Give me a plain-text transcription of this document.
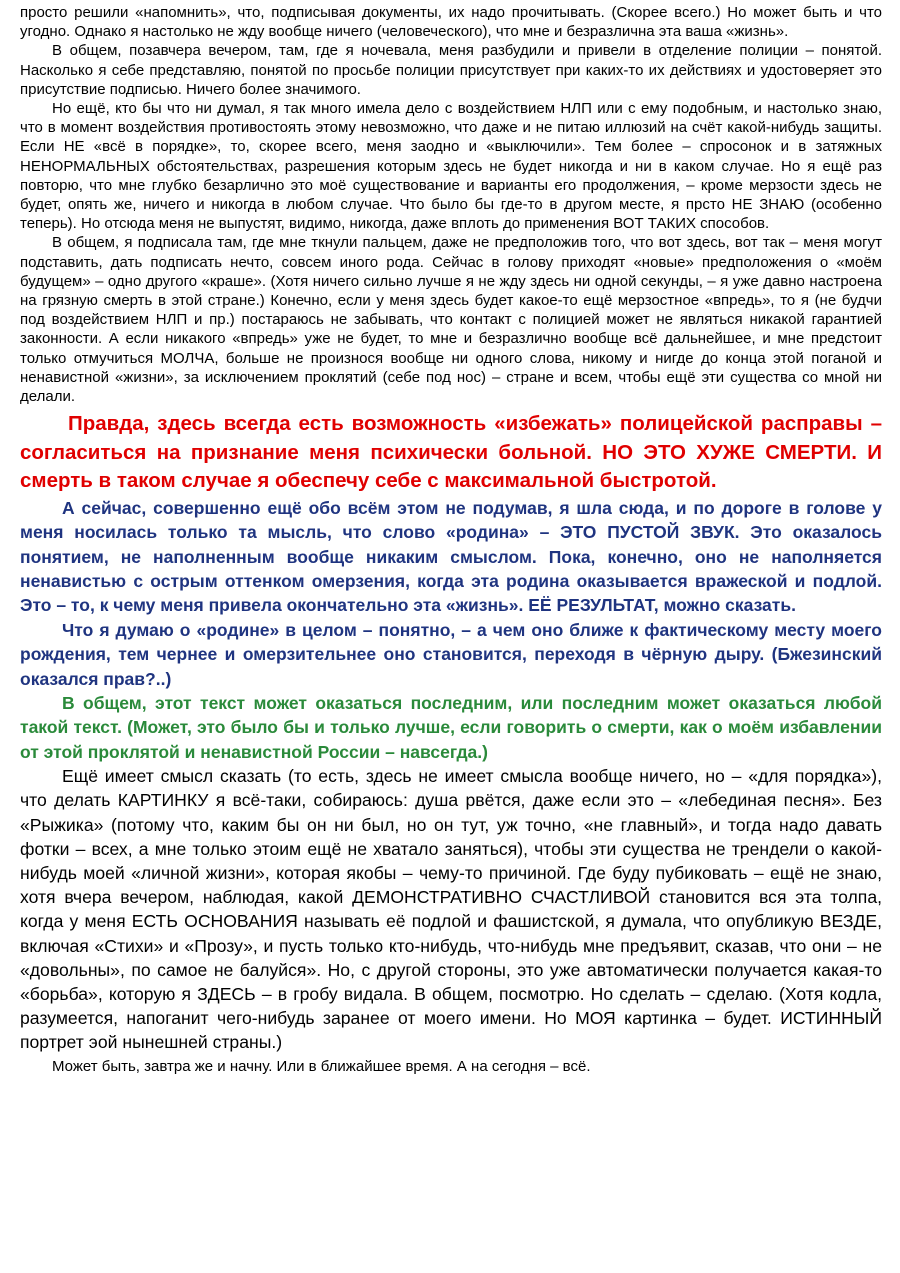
просто решили «напомнить», что, подписывая документы, их надо прочитывать. (Скорее всего.) Но может быть и что угодно. Однако я настолько не жду вообще ничего (человеческого), что мне и безразлична эта ваша «жизнь».

В общем, позавчера вечером, там, где я ночевала, меня разбудили и привели в отделение полиции – понятой. Насколько я себе представляю, понятой по просьбе полиции присутствует при каких-то их действиях и удостоверяет это присутствие подписью. Ничего более значимого.

Но ещё, кто бы что ни думал, я так много имела дело с воздействием НЛП или с ему подобным, и настолько знаю, что в момент воздействия противостоять этому невозможно, что даже и не питаю иллюзий на счёт какой-нибудь защиты. Если НЕ «всё в порядке», то, скорее всего, меня заодно и «выключили». Тем более – спросонок и в затяжных НЕНОРМАЛЬНЫХ обстоятельствах, разрешения которым здесь не будет никогда и ни в каком случае. Но я ещё раз повторю, что мне глубко безарлично это моё существование и варианты его продолжения, – кроме мерзости здесь не будет, опять же, ничего и никогда в любом случае. Что было бы где-то в другом месте, я прсто НЕ ЗНАЮ (особенно теперь). Но отсюда меня не выпустят, видимо, никогда, даже вплоть до применения ВОТ ТАКИХ способов.

В общем, я подписала там, где мне ткнули пальцем, даже не предположив того, что вот здесь, вот так – меня могут подставить, дать подписать нечто, совсем иного рода. Сейчас в голову приходят «новые» предположения о «моём будущем» – одно другого «краше». (Хотя ничего сильно лучше я не жду здесь ни одной секунды, – я уже давно настроена на грязную смерть в этой стране.) Конечно, если у меня здесь будет какое-то ещё мерзостное «впредь», то я (не будчи под воздействием НЛП и пр.) постараюсь не забывать, что контакт с полицией может не являться никакой гарантией законности. А если никакого «впредь» уже не будет, то мне и безразлично вообще всё дальнейшее, и мне предстоит только отмучиться МОЛЧА, больше не произнося вообще ни одного слова, никому и нигде до конца этой поганой и ненавистной «жизни», за исключением проклятий (себе под нос) – стране и всем, чтобы ещё эти существа со мной ни делали.

Правда, здесь всегда есть возможность «избежать» полицейской расправы – согласиться на признание меня психически больной. НО ЭТО ХУЖЕ СМЕРТИ. И смерть в таком случае я обеспечу себе с максимальной быстротой.

А сейчас, совершенно ещё обо всём этом не подумав, я шла сюда, и по дороге в голове у меня носилась только та мысль, что слово «родина» – ЭТО ПУСТОЙ ЗВУК. Это оказалось понятием, не наполненным вообще никаким смыслом. Пока, конечно, оно не наполняется ненавистью с острым оттенком омерзения, когда эта родина оказывается вражеской и подлой. Это – то, к чему меня привела окончательно эта «жизнь». ЕЁ РЕЗУЛЬТАТ, можно сказать.

Что я думаю о «родине» в целом – понятно, – а чем оно ближе к фактическому месту моего рождения, тем чернее и омерзительнее оно становится, переходя в чёрную дыру. (Бжезинский оказался прав?..)

В общем, этот текст может оказаться последним, или последним может оказаться любой такой текст. (Может, это было бы и только лучше, если говорить о смерти, как о моём избавлении от этой проклятой и ненавистной России – навсегда.)

Ещё имеет смысл сказать (то есть, здесь не имеет смысла вообще ничего, но – «для порядка»), что делать КАРТИНКУ я всё-таки, собираюсь: душа рвётся, даже если это – «лебединая песня». Без «Рыжика» (потому что, каким бы он ни был, но он тут, уж точно, «не главный», и тогда надо давать фотки – всех, а мне только этоим ещё не хватало заняться), чтобы эти существа не трендели о какой-нибудь моей «личной жизни», которая якобы – чему-то причиной. Где буду пубиковать – ещё не знаю, хотя вчера вечером, наблюдая, какой ДЕМОНСТРАТИВНО СЧАСТЛИВОЙ становится вся эта толпа, когда у меня ЕСТЬ ОСНОВАНИЯ называть её подлой и фашистской, я думала, что опубликую ВЕЗДЕ, включая «Стихи» и «Прозу», и пусть только кто-нибудь, что-нибудь мне предъявит, сказав, что они – не «довольны», по самое не балуйся». Но, с другой стороны, это уже автоматически получается какая-то «борьба», которую я ЗДЕСЬ – в гробу видала. В общем, посмотрю. Но сделать – сделаю. (Хотя кодла, разумеется, напоганит чего-нибудь заранее от моего имени. Но МОЯ картинка – будет. ИСТИННЫЙ портрет эой нынешней страны.)

Может быть, завтра же и начну. Или в ближайшее время. А на сегодня – всё.
